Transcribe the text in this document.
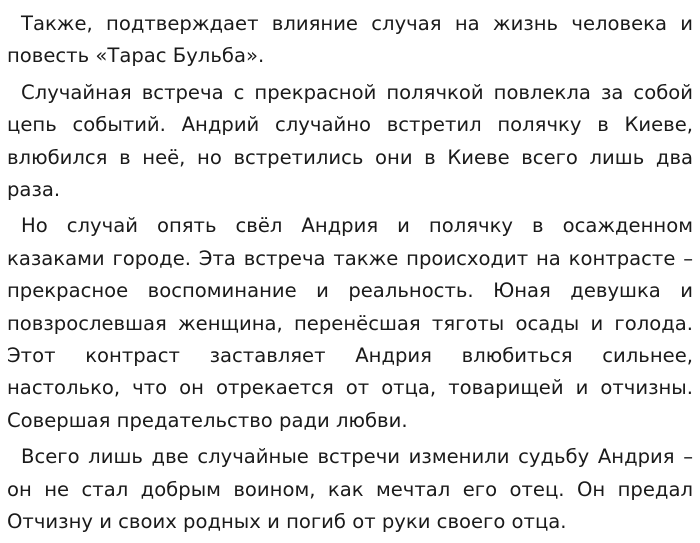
Также, подтверждает влияние случая на жизнь человека и повесть «Тарас Бульба».

Случайная встреча с прекрасной полячкой повлекла за собой цепь событий. Андрий случайно встретил полячку в Киеве, влюбился в неё, но встретились они в Киеве всего лишь два раза.

Но случай опять свёл Андрия и полячку в осажденном казаками городе. Эта встреча также происходит на контрасте – прекрасное воспоминание и реальность. Юная девушка и повзрослевшая женщина, перенёсшая тяготы осады и голода. Этот контраст заставляет Андрия влюбиться сильнее, настолько, что он отрекается от отца, товарищей и отчизны. Совершая предательство ради любви.

Всего лишь две случайные встречи изменили судьбу Андрия – он не стал добрым воином, как мечтал его отец. Он предал Отчизну и своих родных и погиб от руки своего отца.
